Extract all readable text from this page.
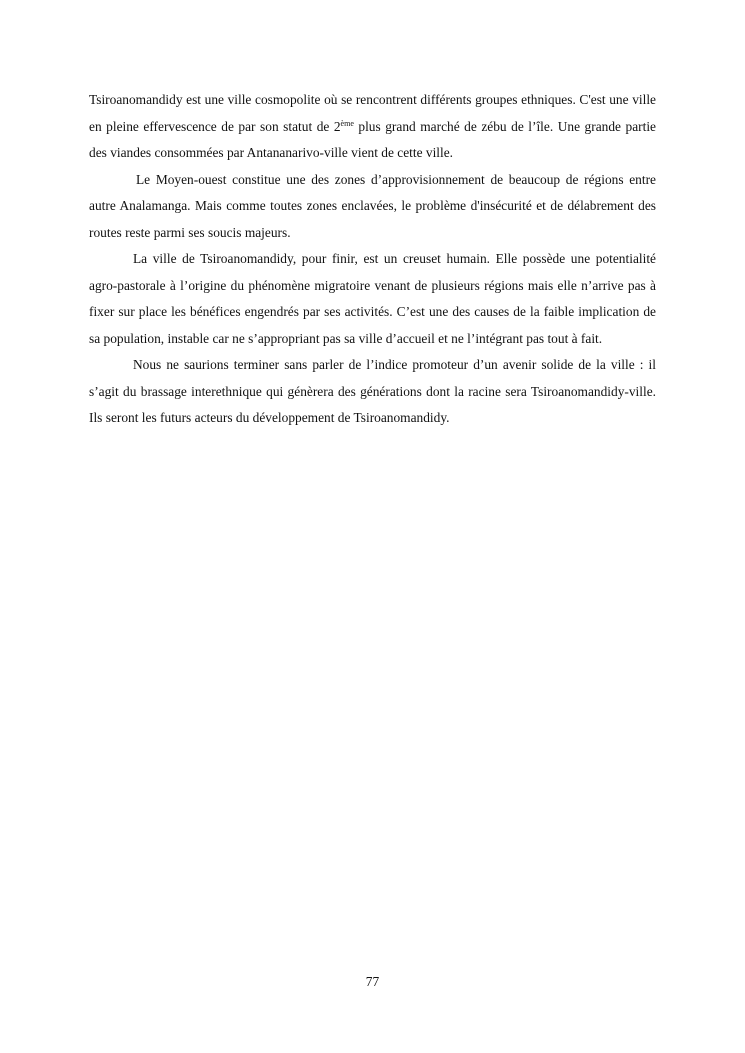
Tsiroanomandidy est une ville cosmopolite où se rencontrent différents groupes ethniques. C'est une ville en pleine effervescence de par son statut de 2ème plus grand marché de zébu de l’île. Une grande partie des viandes consommées par Antananarivo-ville vient de cette ville.

Le Moyen-ouest constitue une des zones d’approvisionnement de beaucoup de régions entre autre Analamanga. Mais comme toutes zones enclavées, le problème d'insécurité et de délabrement des routes reste parmi ses soucis majeurs.

La ville de Tsiroanomandidy, pour finir, est un creuset humain. Elle possède une potentialité agro-pastorale à l’origine du phénomène migratoire venant de plusieurs régions mais elle n’arrive pas à fixer sur place les bénéfices engendrés par ses activités. C’est une des causes de la faible implication de sa population, instable car ne s’appropriant pas sa ville d’accueil et ne l’intégrant pas tout à fait.

Nous ne saurions terminer sans parler de l’indice promoteur d’un avenir solide de la ville : il s’agit du brassage interethnique qui génèrera des générations dont la racine sera Tsiroanomandidy-ville. Ils seront les futurs acteurs du développement de Tsiroanomandidy.

77
